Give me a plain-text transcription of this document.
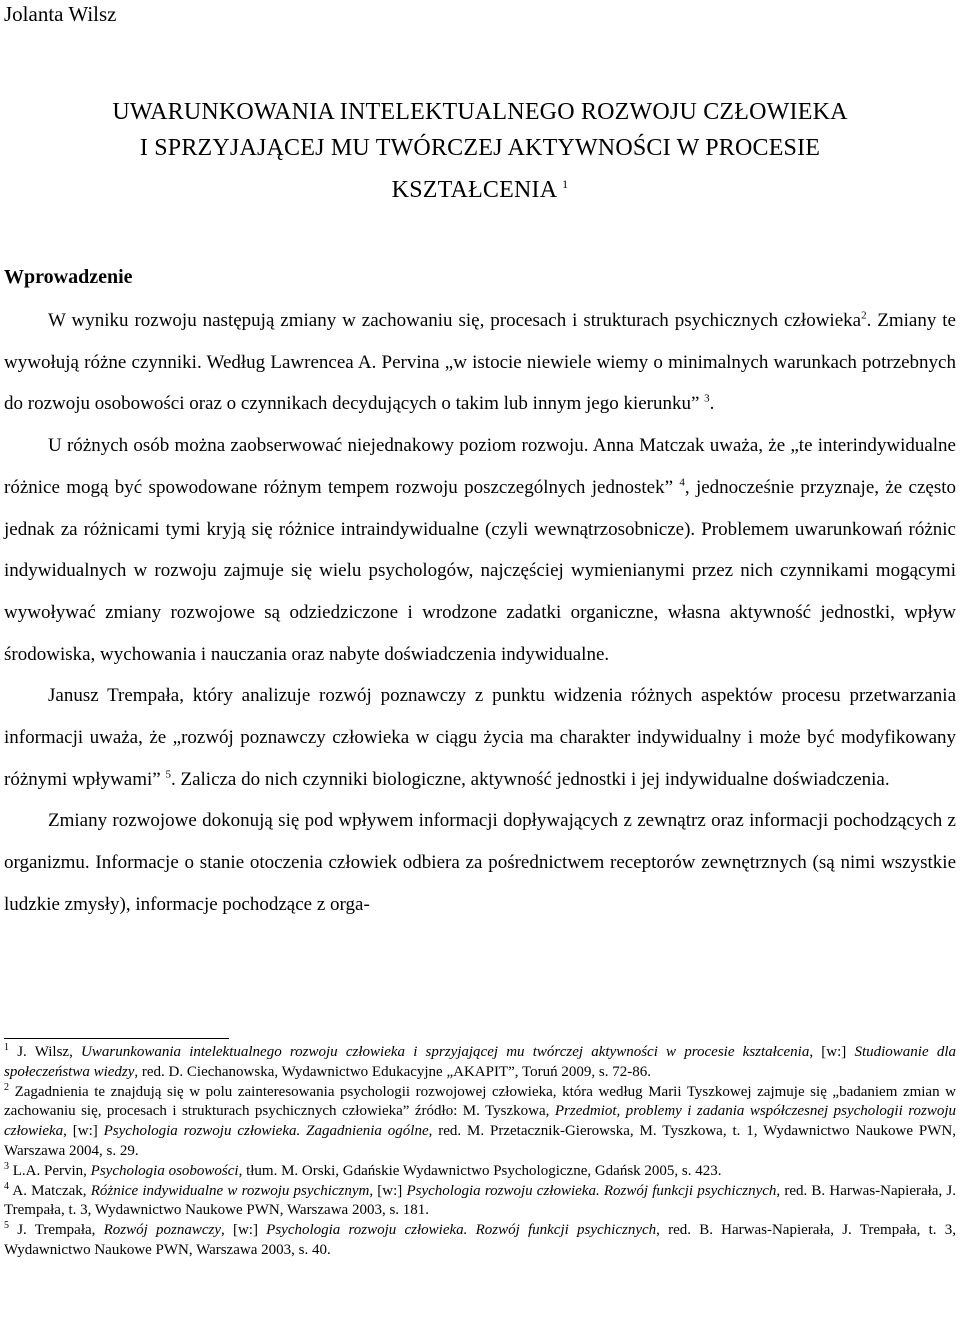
Jolanta Wilsz
UWARUNKOWANIA INTELEKTUALNEGO ROZWOJU CZŁOWIEKA
I SPRZYJAJĄCEJ MU TWÓRCZEJ AKTYWNOŚCI W PROCESIE
KSZTAŁCENIA $^1$
Wprowadzenie

W wyniku rozwoju następują zmiany w zachowaniu się, procesach i strukturach psychicznych człowieka$^2$. Zmiany te wywołują różne czynniki. Według Lawrencea A. Pervina „w istocie niewiele wiemy o minimalnych warunkach potrzebnych do rozwoju osobowości oraz o czynnikach decydujących o takim lub innym jego kierunku” $^3$.

U różnych osób można zaobserwować niejednakowy poziom rozwoju. Anna Matczak uważa, że „te interindywidualne różnice mogą być spowodowane różnym tempem rozwoju poszczególnych jednostek” $^4$, jednocześnie przyznaje, że często jednak za różnicami tymi kryją się różnice intraindywidualne (czyli wewnątrzosobnicze). Problemem uwarunkowań różnic indywidualnych w rozwoju zajmuje się wielu psychologów, najczęściej wymienianymi przez nich czynnikami mogącymi wywoływać zmiany rozwojowe są odziedziczone i wrodzone zadatki organiczne, własna aktywność jednostki, wpływ środowiska, wychowania i nauczania oraz nabyte doświadczenia indywidualne.

Janusz Trempała, który analizuje rozwój poznawczy z punktu widzenia różnych aspektów procesu przetwarzania informacji uważa, że „rozwój poznawczy człowieka w ciągu życia ma charakter indywidualny i może być modyfikowany różnymi wpływami” $^5$. Zalicza do nich czynniki biologiczne, aktywność jednostki i jej indywidualne doświadczenia.

Zmiany rozwojowe dokonują się pod wpływem informacji dopływających z zewnątrz oraz informacji pochodzących z organizmu. Informacje o stanie otoczenia człowiek odbiera za pośrednictwem receptorów zewnętrznych (są nimi wszystkie ludzkie zmysły), informacje pochodzące z orga-

$^1$ J. Wilsz, Uwarunkowania intelektualnego rozwoju człowieka i sprzyjającej mu twórczej aktywności w procesie kształcenia, [w:] Studiowanie dla społeczeństwa wiedzy, red. D. Ciechanowska, Wydawnictwo Edukacyjne „AKAPIT”, Toruń 2009, s. 72-86.

$^2$ Zagadnienia te znajdują się w polu zainteresowania psychologii rozwojowej człowieka, która według Marii Tyszkowej zajmuje się „badaniem zmian w zachowaniu się, procesach i strukturach psychicznych człowieka” źródło: M. Tyszkowa, Przedmiot, problemy i zadania współczesnej psychologii rozwoju człowieka, [w:] Psychologia rozwoju człowieka. Zagadnienia ogólne, red. M. Przetacznik-Gierowska, M. Tyszkowa, t. 1, Wydawnictwo Naukowe PWN, Warszawa 2004, s. 29.

$^3$ L.A. Pervin, Psychologia osobowości, tłum. M. Orski, Gdańskie Wydawnictwo Psychologiczne, Gdańsk 2005, s. 423.

$^4$ A. Matczak, Różnice indywidualne w rozwoju psychicznym, [w:] Psychologia rozwoju człowieka. Rozwój funkcji psychicznych, red. B. Harwas-Napierała, J. Trempała, t. 3, Wydawnictwo Naukowe PWN, Warszawa 2003, s. 181.

$^5$ J. Trempała, Rozwój poznawczy, [w:] Psychologia rozwoju człowieka. Rozwój funkcji psychicznych, red. B. Harwas-Napierała, J. Trempała, t. 3, Wydawnictwo Naukowe PWN, Warszawa 2003, s. 40.
